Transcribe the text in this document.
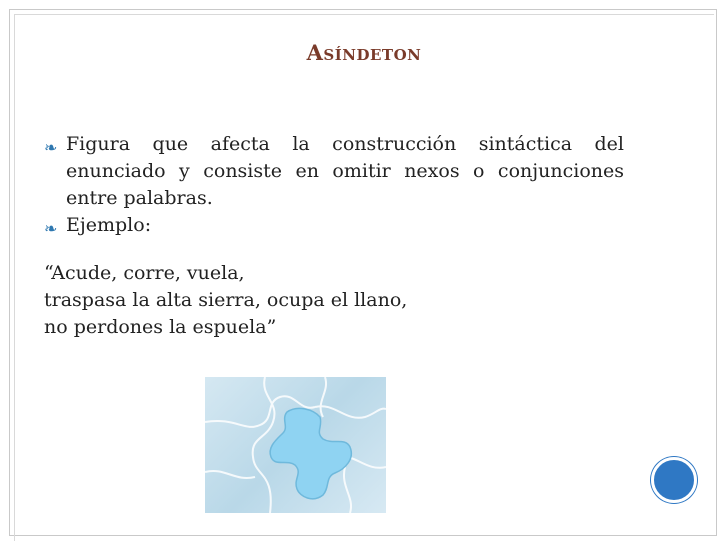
Asíndeton
❧ Figura que afecta la construcción sintáctica del enunciado y consiste en omitir nexos o conjunciones entre palabras.
❧ Ejemplo:
“Acude, corre, vuela,
traspasa la alta sierra, ocupa el llano,
no perdones la espuela”
